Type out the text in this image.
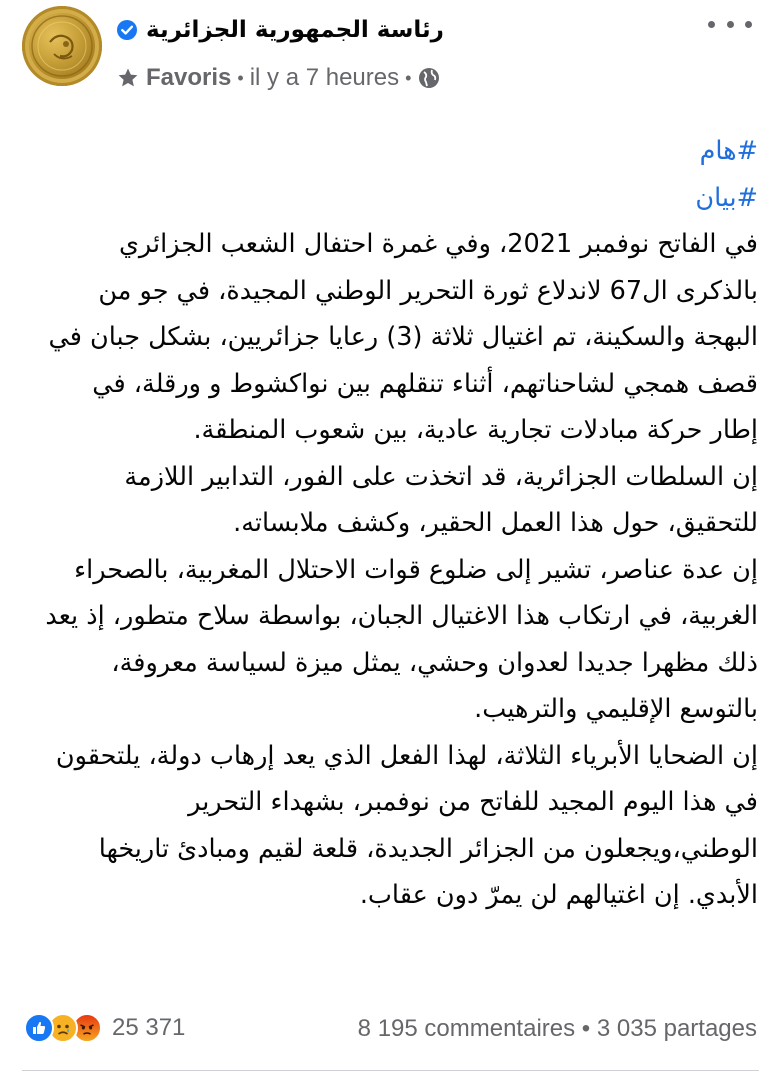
رئاسة الجمهورية الجزائرية
Favoris • il y a 7 heures •
#هام
#بيان

في الفاتح نوفمبر 2021، وفي غمرة احتفال الشعب الجزائري بالذكرى ال67 لاندلاع ثورة التحرير الوطني المجيدة، في جو من البهجة والسكينة، تم اغتيال ثلاثة (3) رعايا جزائريين، بشكل جبان في قصف همجي لشاحناتهم، أثناء تنقلهم بين نواكشوط و ورقلة، في إطار حركة مبادلات تجارية عادية، بين شعوب المنطقة.

إن السلطات الجزائرية، قد اتخذت على الفور، التدابير اللازمة للتحقيق، حول هذا العمل الحقير، وكشف ملابساته.

إن عدة عناصر، تشير إلى ضلوع قوات الاحتلال المغربية، بالصحراء الغربية، في ارتكاب هذا الاغتيال الجبان، بواسطة سلاح متطور، إذ يعد ذلك مظهرا جديدا لعدوان وحشي، يمثل ميزة لسياسة معروفة، بالتوسع الإقليمي والترهيب.

إن الضحايا الأبرياء الثلاثة، لهذا الفعل الذي يعد إرهاب دولة، يلتحقون في هذا اليوم المجيد للفاتح من نوفمبر، بشهداء التحرير الوطني،ويجعلون من الجزائر الجديدة، قلعة لقيم ومبادئ تاريخها الأبدي. إن اغتيالهم لن يمرّ دون عقاب.

25 371	8 195 commentaires • 3 035 partages
